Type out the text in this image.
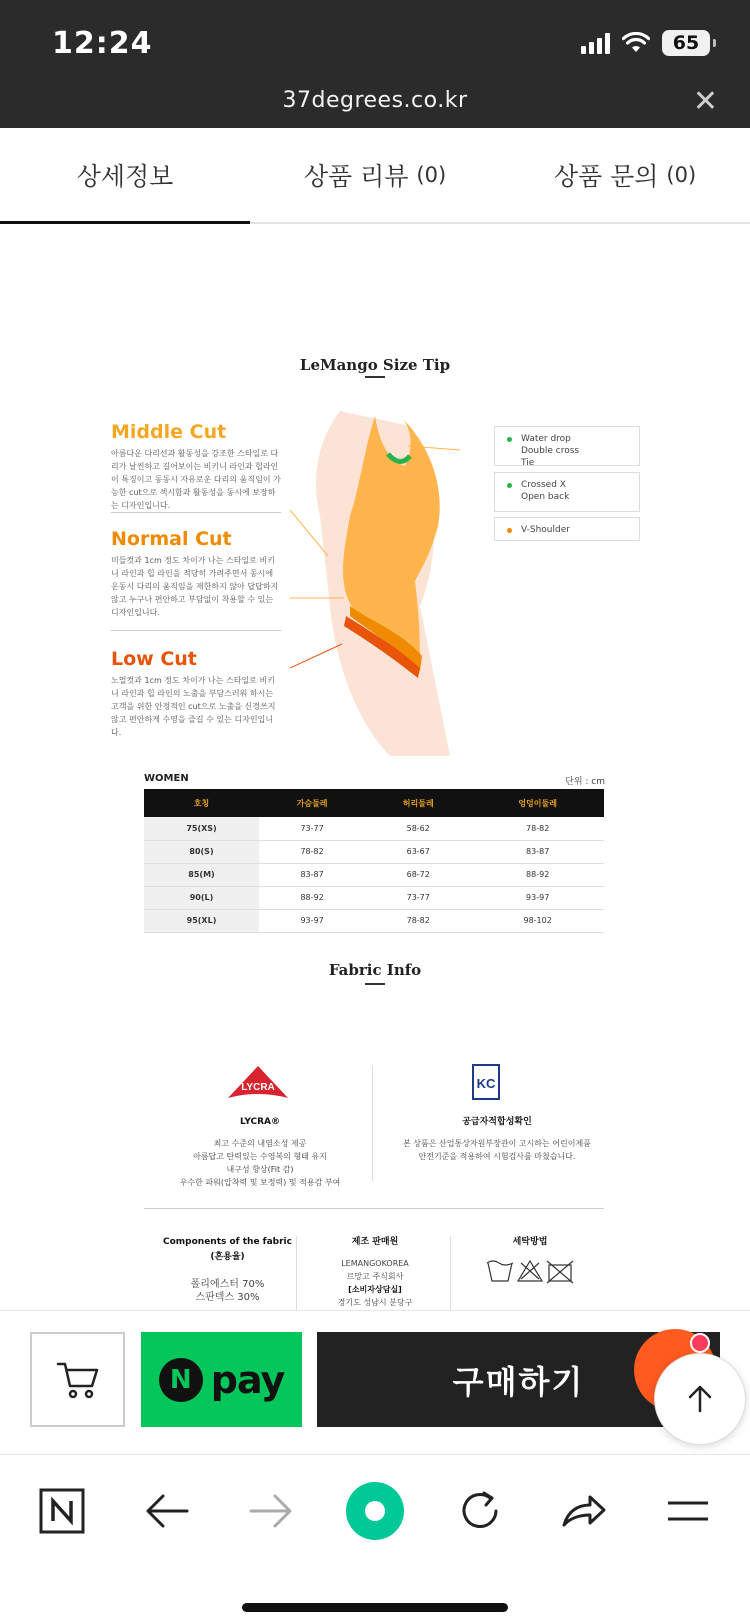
12:24	65
37degrees.co.kr	✕
상세정보	상품 리뷰 (0)	상품 문의 (0)
LeMango Size Tip
Middle Cut
아름다운 다리선과 활동성을 강조한 스타일로 다리가 날씬하고 길어보이는 비키니 라인과 힙라인이 특징이고 동동시 자유로운 다리의 움직임이 가능한 cut으로 섹시함과 활동성을 동시에 보장하는 디자인입니다.
Normal Cut
미들컷과 1cm 정도 차이가 나는 스타일로 비키니 라인과 힙 라인을 적당히 가려주면서 동시에 운동시 다리의 움직임을 제한하지 않아 답답하지 않고 누구나 편안하고 부담없이 착용할 수 있는 디자인입니다.
Low Cut
노멀컷과 1cm 정도 차이가 나는 스타일로 비키니 라인과 힙 라인의 노출을 부담스러워 하시는 고객을 위한 안정적인 cut으로 노출을 신경쓰지 않고 편안하게 수영을 즐길 수 있는 디자인입니다.
Water drop
Double cross
Tie
Crossed X
Open back
V-Shoulder
WOMEN	단위 : cm
호칭	가슴둘레	허리둘레	엉덩이둘레
75(XS)	73-77	58-62	78-82
80(S)	78-82	63-67	83-87
85(M)	83-87	68-72	88-92
90(L)	88-92	73-77	93-97
95(XL)	93-97	78-82	98-102
Fabric Info
LYCRA
LYCRA®
최고 수준의 내염소성 제공
아름답고 탄력있는 수영복의 형태 유지
내구성 향상(Fit 감)
우수한 파워(압착력 및 보정력) 및 적용감 부여
KC
공급자적합성확인
본 상품은 산업통상자원부장관이 고시하는 어린이제품
안전기준을 적용하여 시험검사를 마쳤습니다.
Components of the fabric
(혼용율)
폴리에스터 70%
스판덱스 30%
제조 판매원
LEMANGOKOREA
르망고 주식회사
[소비자상담실]
경기도 성남시 분당구
세탁방법
N pay	구매하기
